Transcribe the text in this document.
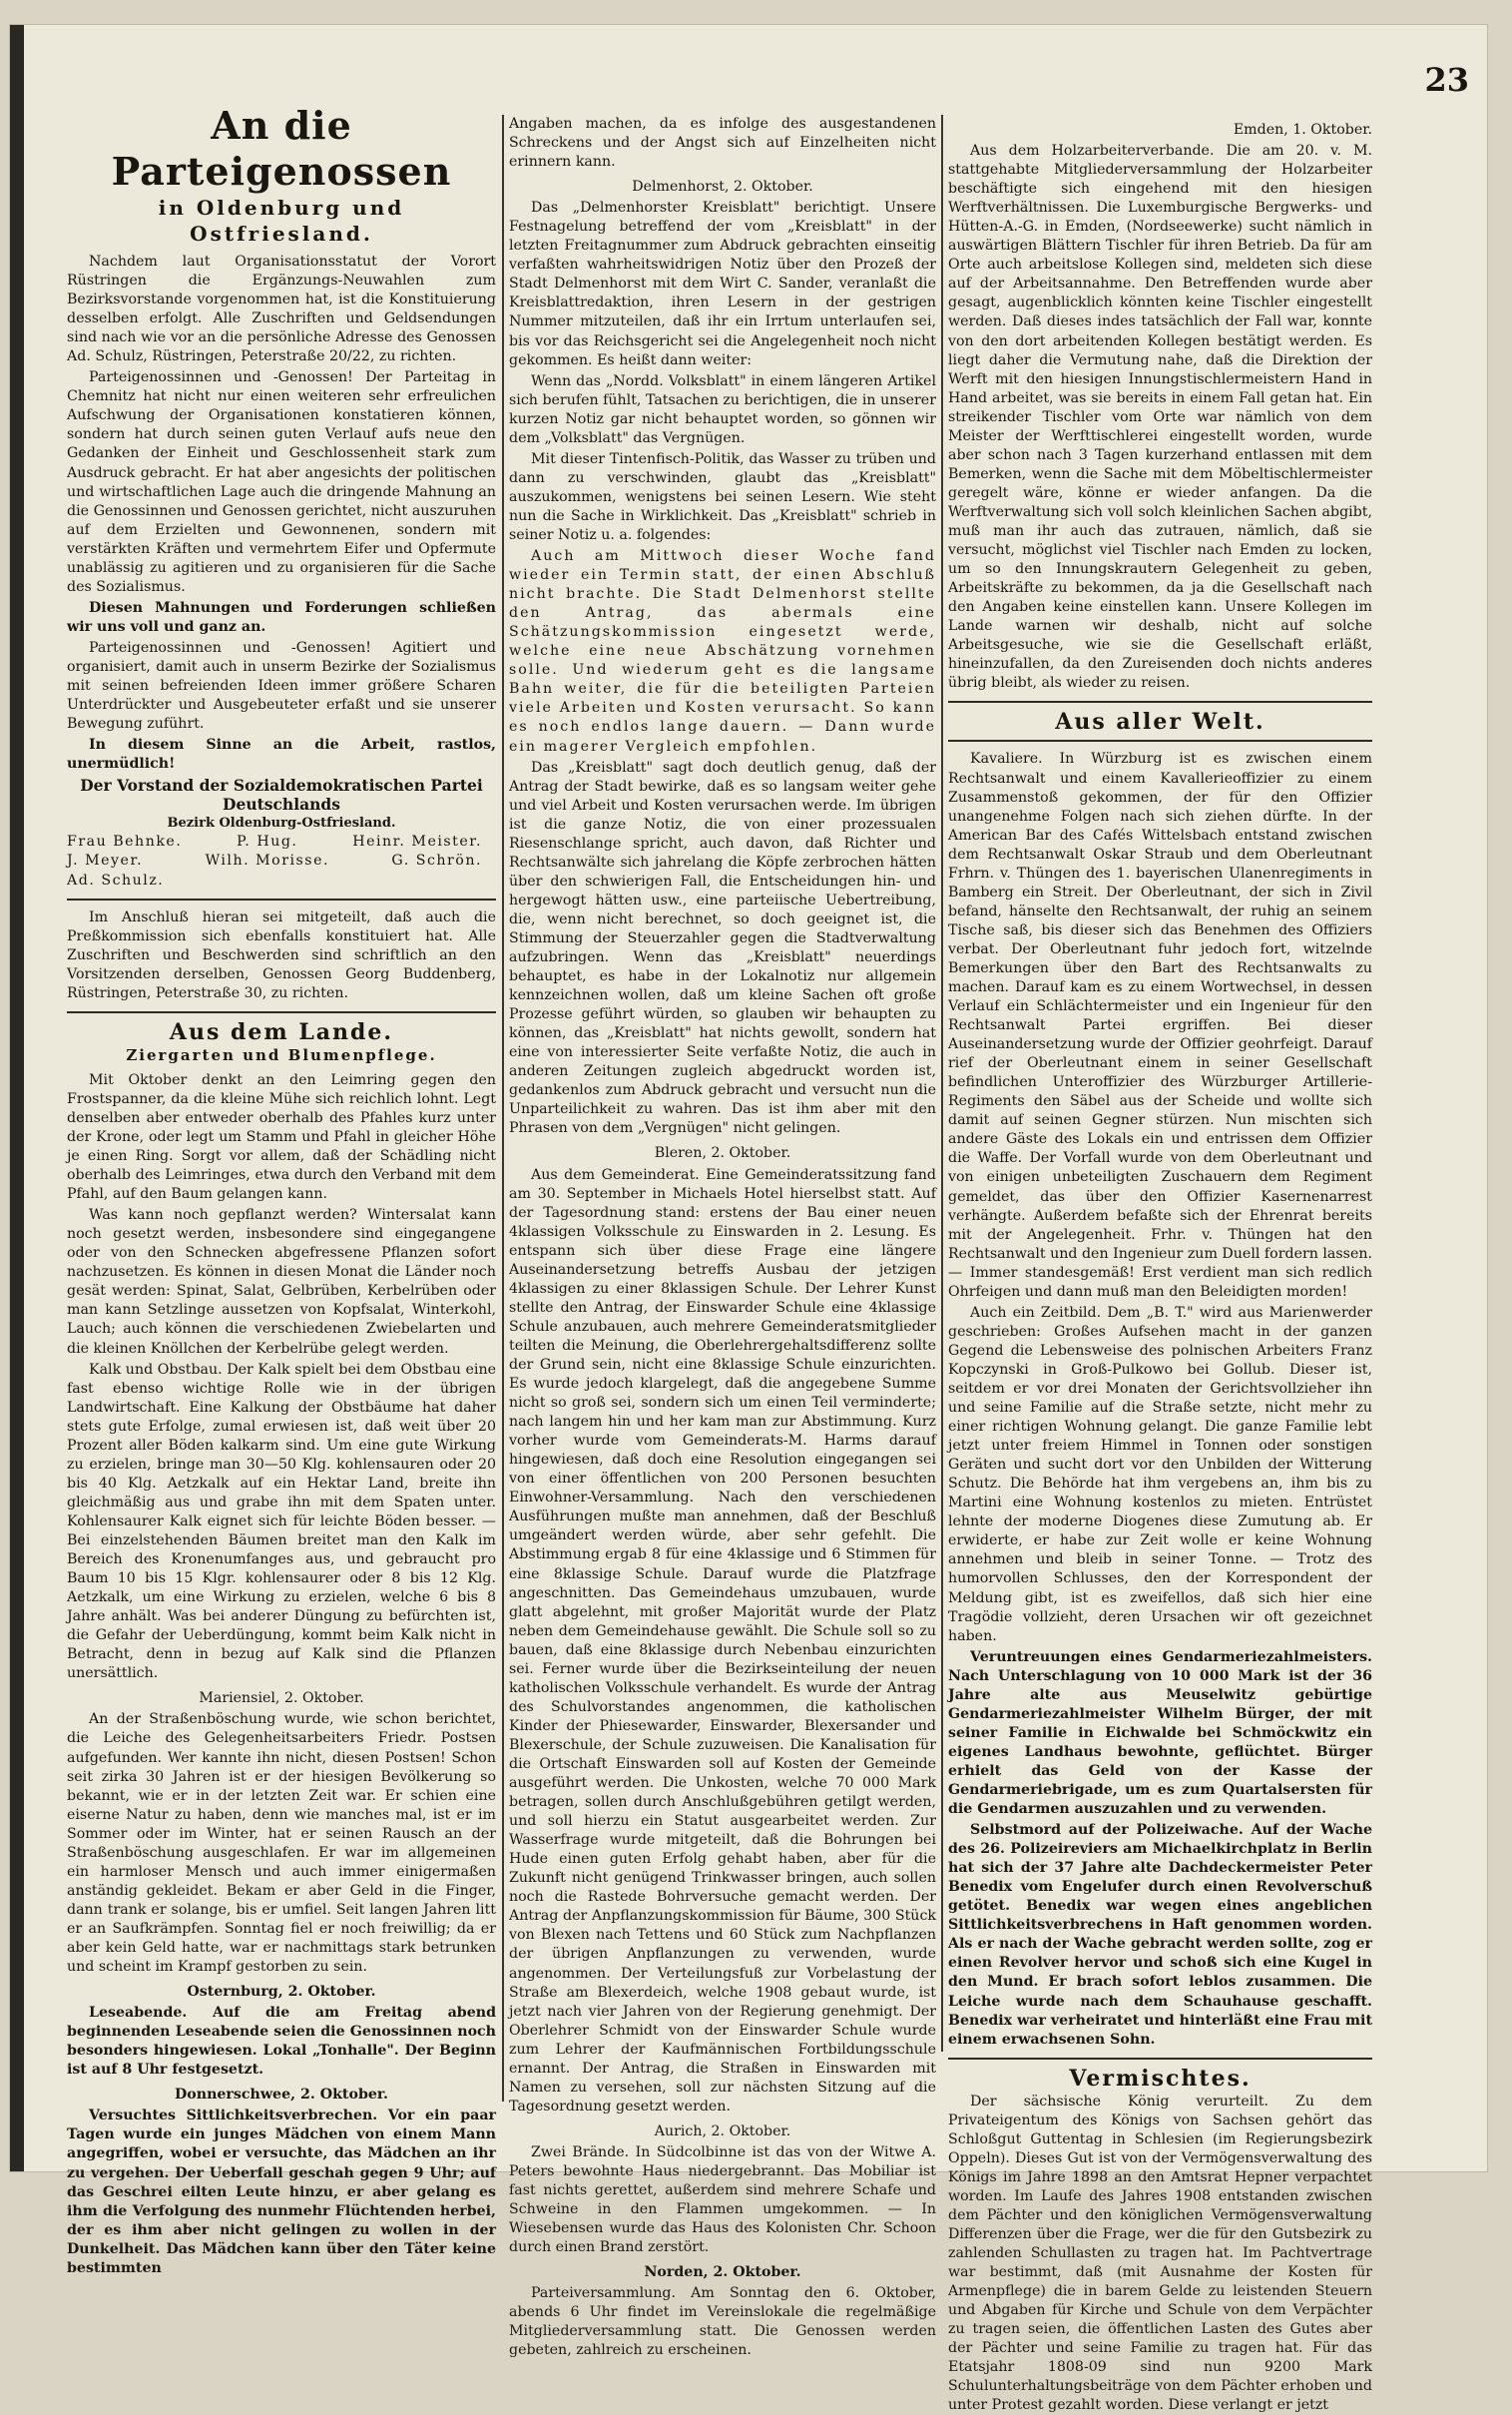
23
An die Parteigenossen
in Oldenburg und Ostfriesland.

Nachdem laut Organisationsstatut der Vorort Rüstringen die Ergänzungs-Neuwahlen zum Bezirksvorstande vorgenommen hat, ist die Konstituierung desselben erfolgt. Alle Zuschriften und Geldsendungen sind nach wie vor an die persönliche Adresse des Genossen Ad. Schulz, Rüstringen, Peterstraße 20/22, zu richten.

Parteigenossinnen und -Genossen! Der Parteitag in Chemnitz hat nicht nur einen weiteren sehr erfreulichen Aufschwung der Organisationen konstatieren können, sondern hat durch seinen guten Verlauf aufs neue den Gedanken der Einheit und Geschlossenheit stark zum Ausdruck gebracht. Er hat aber angesichts der politischen und wirtschaftlichen Lage auch die dringende Mahnung an die Genossinnen und Genossen gerichtet, nicht auszuruhen auf dem Erzielten und Gewonnenen, sondern mit verstärkten Kräften und vermehrtem Eifer und Opfermute unablässig zu agitieren und zu organisieren für die Sache des Sozialismus.

Diesen Mahnungen und Forderungen schließen wir uns voll und ganz an.

Parteigenossinnen und -Genossen! Agitiert und organisiert, damit auch in unserm Bezirke der Sozialismus mit seinen befreienden Ideen immer größere Scharen Unterdrückter und Ausgebeuteter erfaßt und sie unserer Bewegung zuführt.

In diesem Sinne an die Arbeit, rastlos, unermüdlich!

Der Vorstand der Sozialdemokratischen Partei Deutschlands
Bezirk Oldenburg-Ostfriesland.

Frau Behnke.	P. Hug.	Heinr. Meister. J. Meyer.	Wilh. Morisse.	G. Schrön. Ad. Schulz.

Im Anschluß hieran sei mitgeteilt, daß auch die Preßkommission sich ebenfalls konstituiert hat. Alle Zuschriften und Beschwerden sind schriftlich an den Vorsitzenden derselben, Genossen Georg Buddenberg, Rüstringen, Peterstraße 30, zu richten.

Aus dem Lande.
Ziergarten und Blumenpflege.

Mit Oktober denkt an den Leimring gegen den Frostspanner, da die kleine Mühe sich reichlich lohnt. Legt denselben aber entweder oberhalb des Pfahles kurz unter der Krone, oder legt um Stamm und Pfahl in gleicher Höhe je einen Ring. Sorgt vor allem, daß der Schädling nicht oberhalb des Leimringes, etwa durch den Verband mit dem Pfahl, auf den Baum gelangen kann.

Was kann noch gepflanzt werden? Wintersalat kann noch gesetzt werden, insbesondere sind eingegangene oder von den Schnecken abgefressene Pflanzen sofort nachzusetzen. Es können in diesen Monat die Länder noch gesät werden: Spinat, Salat, Gelbrüben, Kerbelrüben oder man kann Setzlinge aussetzen von Kopfsalat, Winterkohl, Lauch; auch können die verschiedenen Zwiebelarten und die kleinen Knöllchen der Kerbelrübe gelegt werden.

Kalk und Obstbau. Der Kalk spielt bei dem Obstbau eine fast ebenso wichtige Rolle wie in der übrigen Landwirtschaft. Eine Kalkung der Obstbäume hat daher stets gute Erfolge, zumal erwiesen ist, daß weit über 20 Prozent aller Böden kalkarm sind. Um eine gute Wirkung zu erzielen, bringe man 30—50 Klg. kohlensauren oder 20 bis 40 Klg. Aetzkalk auf ein Hektar Land, breite ihn gleichmäßig aus und grabe ihn mit dem Spaten unter. Kohlensaurer Kalk eignet sich für leichte Böden besser. — Bei einzelstehenden Bäumen breitet man den Kalk im Bereich des Kronenumfanges aus, und gebraucht pro Baum 10 bis 15 Klgr. kohlensaurer oder 8 bis 12 Klg. Aetzkalk, um eine Wirkung zu erzielen, welche 6 bis 8 Jahre anhält. Was bei anderer Düngung zu befürchten ist, die Gefahr der Ueberdüngung, kommt beim Kalk nicht in Betracht, denn in bezug auf Kalk sind die Pflanzen unersättlich.

Mariensiel, 2. Oktober.

An der Straßenböschung wurde, wie schon berichtet, die Leiche des Gelegenheitsarbeiters Friedr. Postsen aufgefunden. Wer kannte ihn nicht, diesen Postsen! Schon seit zirka 30 Jahren ist er der hiesigen Bevölkerung so bekannt, wie er in der letzten Zeit war. Er schien eine eiserne Natur zu haben, denn wie manches mal, ist er im Sommer oder im Winter, hat er seinen Rausch an der Straßenböschung ausgeschlafen. Er war im allgemeinen ein harmloser Mensch und auch immer einigermaßen anständig gekleidet. Bekam er aber Geld in die Finger, dann trank er solange, bis er umfiel. Seit langen Jahren litt er an Saufkrämpfen. Sonntag fiel er noch freiwillig; da er aber kein Geld hatte, war er nachmittags stark betrunken und scheint im Krampf gestorben zu sein.

Osternburg, 2. Oktober.

Leseabende. Auf die am Freitag abend beginnenden Leseabende seien die Genossinnen noch besonders hingewiesen. Lokal „Tonhalle". Der Beginn ist auf 8 Uhr festgesetzt.

Donnerschwee, 2. Oktober.

Versuchtes Sittlichkeitsverbrechen. Vor ein paar Tagen wurde ein junges Mädchen von einem Mann angegriffen, wobei er versuchte, das Mädchen an ihr zu vergehen. Der Ueberfall geschah gegen 9 Uhr; auf das Geschrei eilten Leute hinzu, er aber gelang es ihm die Verfolgung des nunmehr Flüchtenden herbei, der es ihm aber nicht gelingen zu wollen in der Dunkelheit. Das Mädchen kann über den Täter keine bestimmten

Angaben machen, da es infolge des ausgestandenen Schreckens und der Angst sich auf Einzelheiten nicht erinnern kann.

Delmenhorst, 2. Oktober.

Das „Delmenhorster Kreisblatt" berichtigt. Unsere Festnagelung betreffend der vom „Kreisblatt" in der letzten Freitagnummer zum Abdruck gebrachten einseitig verfaßten wahrheitswidrigen Notiz über den Prozeß der Stadt Delmenhorst mit dem Wirt C. Sander, veranlaßt die Kreisblattredaktion, ihren Lesern in der gestrigen Nummer mitzuteilen, daß ihr ein Irrtum unterlaufen sei, bis vor das Reichsgericht sei die Angelegenheit noch nicht gekommen. Es heißt dann weiter:

Wenn das „Nordd. Volksblatt" in einem längeren Artikel sich berufen fühlt, Tatsachen zu berichtigen, die in unserer kurzen Notiz gar nicht behauptet worden, so gönnen wir dem „Volksblatt" das Vergnügen.

Mit dieser Tintenfisch-Politik, das Wasser zu trüben und dann zu verschwinden, glaubt das „Kreisblatt" auszukommen, wenigstens bei seinen Lesern. Wie steht nun die Sache in Wirklichkeit. Das „Kreisblatt" schrieb in seiner Notiz u. a. folgendes:

Auch am Mittwoch dieser Woche fand wieder ein Termin statt, der einen Abschluß nicht brachte. Die Stadt Delmenhorst stellte den Antrag, das abermals eine Schätzungskommission eingesetzt werde, welche eine neue Abschätzung vornehmen solle. Und wiederum geht es die langsame Bahn weiter, die für die beteiligten Parteien viele Arbeiten und Kosten verursacht. So kann es noch endlos lange dauern. — Dann wurde ein magerer Vergleich empfohlen.

Das „Kreisblatt" sagt doch deutlich genug, daß der Antrag der Stadt bewirke, daß es so langsam weiter gehe und viel Arbeit und Kosten verursachen werde. Im übrigen ist die ganze Notiz, die von einer prozessualen Riesenschlange spricht, auch davon, daß Richter und Rechtsanwälte sich jahrelang die Köpfe zerbrochen hätten über den schwierigen Fall, die Entscheidungen hin- und hergewogt hätten usw., eine parteiische Uebertreibung, die, wenn nicht berechnet, so doch geeignet ist, die Stimmung der Steuerzahler gegen die Stadtverwaltung aufzubringen. Wenn das „Kreisblatt" neuerdings behauptet, es habe in der Lokalnotiz nur allgemein kennzeichnen wollen, daß um kleine Sachen oft große Prozesse geführt würden, so glauben wir behaupten zu können, das „Kreisblatt" hat nichts gewollt, sondern hat eine von interessierter Seite verfaßte Notiz, die auch in anderen Zeitungen zugleich abgedruckt worden ist, gedankenlos zum Abdruck gebracht und versucht nun die Unparteilichkeit zu wahren. Das ist ihm aber mit den Phrasen von dem „Vergnügen" nicht gelingen.

Bleren, 2. Oktober.

Aus dem Gemeinderat. Eine Gemeinderatssitzung fand am 30. September in Michaels Hotel hierselbst statt. Auf der Tagesordnung stand: erstens der Bau einer neuen 4klassigen Volksschule zu Einswarden in 2. Lesung. Es entspann sich über diese Frage eine längere Auseinandersetzung betreffs Ausbau der jetzigen 4klassigen zu einer 8klassigen Schule. Der Lehrer Kunst stellte den Antrag, der Einswarder Schule eine 4klassige Schule anzubauen, auch mehrere Gemeinderatsmitglieder teilten die Meinung, die Oberlehrergehaltsdifferenz sollte der Grund sein, nicht eine 8klassige Schule einzurichten. Es wurde jedoch klargelegt, daß die angegebene Summe nicht so groß sei, sondern sich um einen Teil verminderte; nach langem hin und her kam man zur Abstimmung. Kurz vorher wurde vom Gemeinderats-M. Harms darauf hingewiesen, daß doch eine Resolution eingegangen sei von einer öffentlichen von 200 Personen besuchten Einwohner-Versammlung. Nach den verschiedenen Ausführungen mußte man annehmen, daß der Beschluß umgeändert werden würde, aber sehr gefehlt. Die Abstimmung ergab 8 für eine 4klassige und 6 Stimmen für eine 8klassige Schule. Darauf wurde die Platzfrage angeschnitten. Das Gemeindehaus umzubauen, wurde glatt abgelehnt, mit großer Majorität wurde der Platz neben dem Gemeindehause gewählt. Die Schule soll so zu bauen, daß eine 8klassige durch Nebenbau einzurichten sei. Ferner wurde über die Bezirkseinteilung der neuen katholischen Volksschule verhandelt. Es wurde der Antrag des Schulvorstandes angenommen, die katholischen Kinder der Phiesewarder, Einswarder, Blexersander und Blexerschule, der Schule zuzuweisen. Die Kanalisation für die Ortschaft Einswarden soll auf Kosten der Gemeinde ausgeführt werden. Die Unkosten, welche 70 000 Mark betragen, sollen durch Anschlußgebühren getilgt werden, und soll hierzu ein Statut ausgearbeitet werden. Zur Wasserfrage wurde mitgeteilt, daß die Bohrungen bei Hude einen guten Erfolg gehabt haben, aber für die Zukunft nicht genügend Trinkwasser bringen, auch sollen noch die Rastede Bohrversuche gemacht werden. Der Antrag der Anpflanzungskommission für Bäume, 300 Stück von Blexen nach Tettens und 60 Stück zum Nachpflanzen der übrigen Anpflanzungen zu verwenden, wurde angenommen. Der Verteilungsfuß zur Vorbelastung der Straße am Blexerdeich, welche 1908 gebaut wurde, ist jetzt nach vier Jahren von der Regierung genehmigt. Der Oberlehrer Schmidt von der Einswarder Schule wurde zum Lehrer der Kaufmännischen Fortbildungsschule ernannt. Der Antrag, die Straßen in Einswarden mit Namen zu versehen, soll zur nächsten Sitzung auf die Tagesordnung gesetzt werden.

Aurich, 2. Oktober.

Zwei Brände. In Südcolbinne ist das von der Witwe A. Peters bewohnte Haus niedergebrannt. Das Mobiliar ist fast nichts gerettet, außerdem sind mehrere Schafe und Schweine in den Flammen umgekommen. — In Wiesebensen wurde das Haus des Kolonisten Chr. Schoon durch einen Brand zerstört.

Norden, 2. Oktober.

Parteiversammlung. Am Sonntag den 6. Oktober, abends 6 Uhr findet im Vereinslokale die regelmäßige Mitgliederversammlung statt. Die Genossen werden gebeten, zahlreich zu erscheinen.

Emden, 1. Oktober.

Aus dem Holzarbeiterverbande. Die am 20. v. M. stattgehabte Mitgliederversammlung der Holzarbeiter beschäftigte sich eingehend mit den hiesigen Werftverhältnissen. Die Luxemburgische Bergwerks- und Hütten-A.-G. in Emden, (Nordseewerke) sucht nämlich in auswärtigen Blättern Tischler für ihren Betrieb. Da für am Orte auch arbeitslose Kollegen sind, meldeten sich diese auf der Arbeitsannahme. Den Betreffenden wurde aber gesagt, augenblicklich könnten keine Tischler eingestellt werden. Daß dieses indes tatsächlich der Fall war, konnte von den dort arbeitenden Kollegen bestätigt werden. Es liegt daher die Vermutung nahe, daß die Direktion der Werft mit den hiesigen Innungstischlermeistern Hand in Hand arbeitet, was sie bereits in einem Fall getan hat. Ein streikender Tischler vom Orte war nämlich von dem Meister der Werfttischlerei eingestellt worden, wurde aber schon nach 3 Tagen kurzerhand entlassen mit dem Bemerken, wenn die Sache mit dem Möbeltischlermeister geregelt wäre, könne er wieder anfangen. Da die Werftverwaltung sich voll solch kleinlichen Sachen abgibt, muß man ihr auch das zutrauen, nämlich, daß sie versucht, möglichst viel Tischler nach Emden zu locken, um so den Innungskrautern Gelegenheit zu geben, Arbeitskräfte zu bekommen, da ja die Gesellschaft nach den Angaben keine einstellen kann. Unsere Kollegen im Lande warnen wir deshalb, nicht auf solche Arbeitsgesuche, wie sie die Gesellschaft erläßt, hineinzufallen, da den Zureisenden doch nichts anderes übrig bleibt, als wieder zu reisen.

Aus aller Welt.

Kavaliere. In Würzburg ist es zwischen einem Rechtsanwalt und einem Kavallerieoffizier zu einem Zusammenstoß gekommen, der für den Offizier unangenehme Folgen nach sich ziehen dürfte. In der American Bar des Cafés Wittelsbach entstand zwischen dem Rechtsanwalt Oskar Straub und dem Oberleutnant Frhrn. v. Thüngen des 1. bayerischen Ulanenregiments in Bamberg ein Streit. Der Oberleutnant, der sich in Zivil befand, hänselte den Rechtsanwalt, der ruhig an seinem Tische saß, bis dieser sich das Benehmen des Offiziers verbat. Der Oberleutnant fuhr jedoch fort, witzelnde Bemerkungen über den Bart des Rechtsanwalts zu machen. Darauf kam es zu einem Wortwechsel, in dessen Verlauf ein Schlächtermeister und ein Ingenieur für den Rechtsanwalt Partei ergriffen. Bei dieser Auseinandersetzung wurde der Offizier geohrfeigt. Darauf rief der Oberleutnant einem in seiner Gesellschaft befindlichen Unteroffizier des Würzburger Artillerie-Regiments den Säbel aus der Scheide und wollte sich damit auf seinen Gegner stürzen. Nun mischten sich andere Gäste des Lokals ein und entrissen dem Offizier die Waffe. Der Vorfall wurde von dem Oberleutnant und von einigen unbeteiligten Zuschauern dem Regiment gemeldet, das über den Offizier Kasernenarrest verhängte. Außerdem befaßte sich der Ehrenrat bereits mit der Angelegenheit. Frhr. v. Thüngen hat den Rechtsanwalt und den Ingenieur zum Duell fordern lassen. — Immer standesgemäß! Erst verdient man sich redlich Ohrfeigen und dann muß man den Beleidigten morden!

Auch ein Zeitbild. Dem „B. T." wird aus Marienwerder geschrieben: Großes Aufsehen macht in der ganzen Gegend die Lebensweise des polnischen Arbeiters Franz Kopczynski in Groß-Pulkowo bei Gollub. Dieser ist, seitdem er vor drei Monaten der Gerichtsvollzieher ihn und seine Familie auf die Straße setzte, nicht mehr zu einer richtigen Wohnung gelangt. Die ganze Familie lebt jetzt unter freiem Himmel in Tonnen oder sonstigen Geräten und sucht dort vor den Unbilden der Witterung Schutz. Die Behörde hat ihm vergebens an, ihm bis zu Martini eine Wohnung kostenlos zu mieten. Entrüstet lehnte der moderne Diogenes diese Zumutung ab. Er erwiderte, er habe zur Zeit wolle er keine Wohnung annehmen und bleib in seiner Tonne. — Trotz des humorvollen Schlusses, den der Korrespondent der Meldung gibt, ist es zweifellos, daß sich hier eine Tragödie vollzieht, deren Ursachen wir oft gezeichnet haben.

Veruntreuungen eines Gendarmeriezahlmeisters. Nach Unterschlagung von 10 000 Mark ist der 36 Jahre alte aus Meuselwitz gebürtige Gendarmeriezahlmeister Wilhelm Bürger, der mit seiner Familie in Eichwalde bei Schmöckwitz ein eigenes Landhaus bewohnte, geflüchtet. Bürger erhielt das Geld von der Kasse der Gendarmeriebrigade, um es zum Quartalsersten für die Gendarmen auszuzahlen und zu verwenden.

Selbstmord auf der Polizeiwache. Auf der Wache des 26. Polizeireviers am Michaelkirchplatz in Berlin hat sich der 37 Jahre alte Dachdeckermeister Peter Benedix vom Engelufer durch einen Revolverschuß getötet. Benedix war wegen eines angeblichen Sittlichkeitsverbrechens in Haft genommen worden. Als er nach der Wache gebracht werden sollte, zog er einen Revolver hervor und schoß sich eine Kugel in den Mund. Er brach sofort leblos zusammen. Die Leiche wurde nach dem Schauhause geschafft. Benedix war verheiratet und hinterläßt eine Frau mit einem erwachsenen Sohn.

Vermischtes.

Der sächsische König verurteilt. Zu dem Privateigentum des Königs von Sachsen gehört das Schloßgut Guttentag in Schlesien (im Regierungsbezirk Oppeln). Dieses Gut ist von der Vermögensverwaltung des Königs im Jahre 1898 an den Amtsrat Hepner verpachtet worden. Im Laufe des Jahres 1908 entstanden zwischen dem Pächter und den königlichen Vermögensverwaltung Differenzen über die Frage, wer die für den Gutsbezirk zu zahlenden Schullasten zu tragen hat. Im Pachtvertrage war bestimmt, daß (mit Ausnahme der Kosten für Armenpflege) die in barem Gelde zu leistenden Steuern und Abgaben für Kirche und Schule von dem Verpächter zu tragen seien, die öffentlichen Lasten des Gutes aber der Pächter und seine Familie zu tragen hat. Für das Etatsjahr 1808-09 sind nun 9200 Mark Schulunterhaltungsbeiträge von dem Pächter erhoben und unter Protest gezahlt worden. Diese verlangt er jetzt
